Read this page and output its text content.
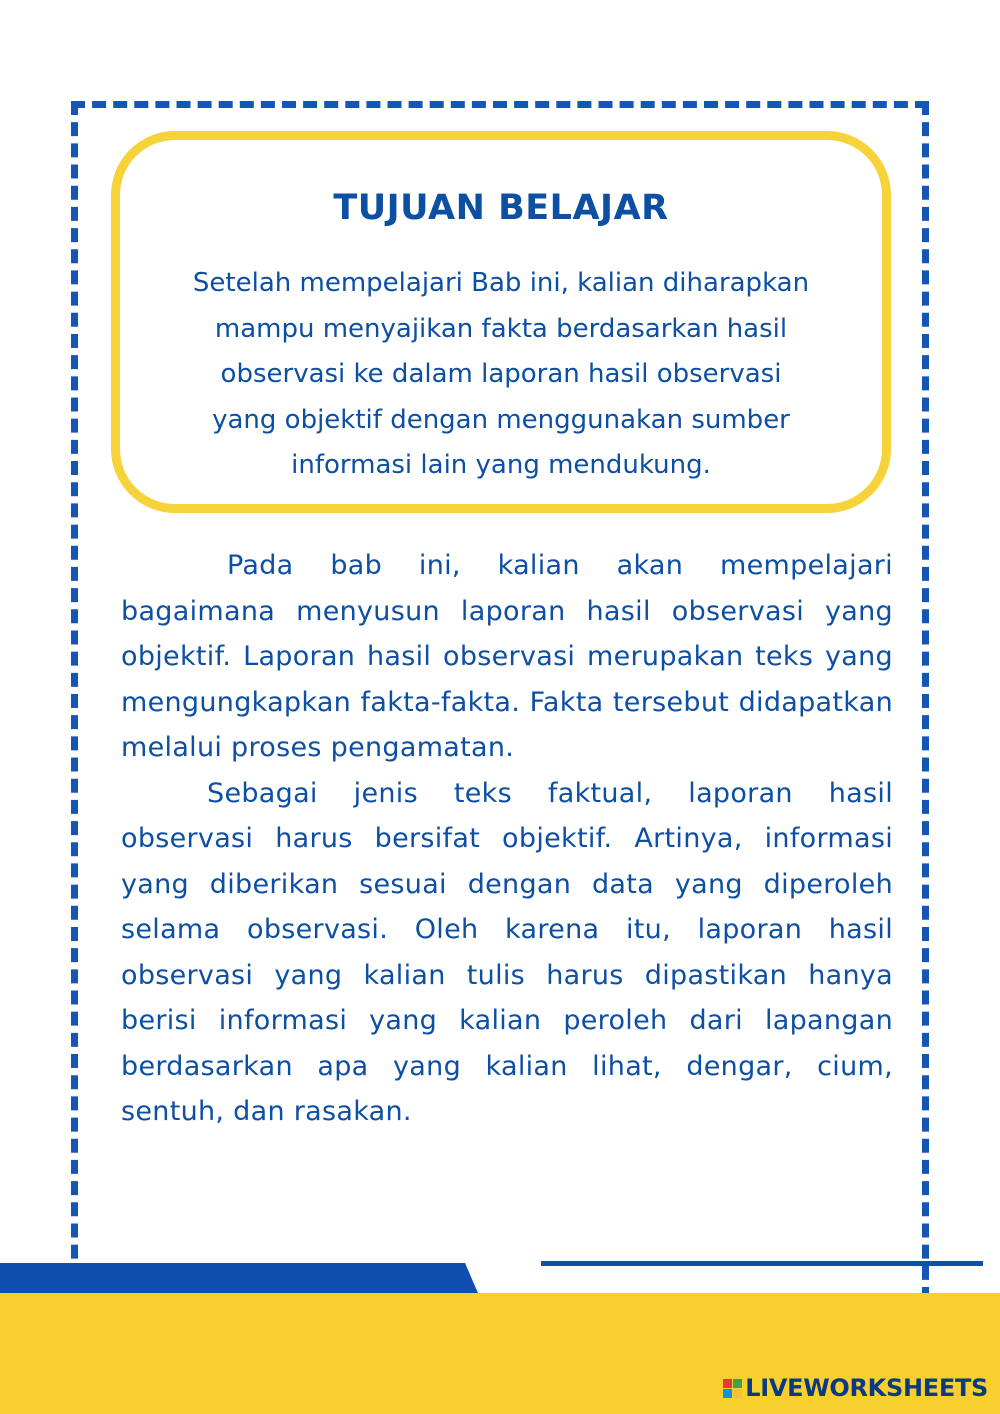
TUJUAN BELAJAR
Setelah mempelajari Bab ini, kalian diharapkan
mampu menyajikan fakta berdasarkan hasil
observasi ke dalam laporan hasil observasi
yang objektif dengan menggunakan sumber
informasi lain yang mendukung.

Pada bab ini, kalian akan mempelajari bagaimana menyusun laporan hasil observasi yang objektif. Laporan hasil observasi merupakan teks yang mengungkapkan fakta-fakta. Fakta tersebut didapatkan melalui proses pengamatan.

Sebagai jenis teks faktual, laporan hasil observasi harus bersifat objektif. Artinya, informasi yang diberikan sesuai dengan data yang diperoleh selama observasi. Oleh karena itu, laporan hasil observasi yang kalian tulis harus dipastikan hanya berisi informasi yang kalian peroleh dari lapangan berdasarkan apa yang kalian lihat, dengar, cium, sentuh, dan rasakan.

LIVEWORKSHEETS
